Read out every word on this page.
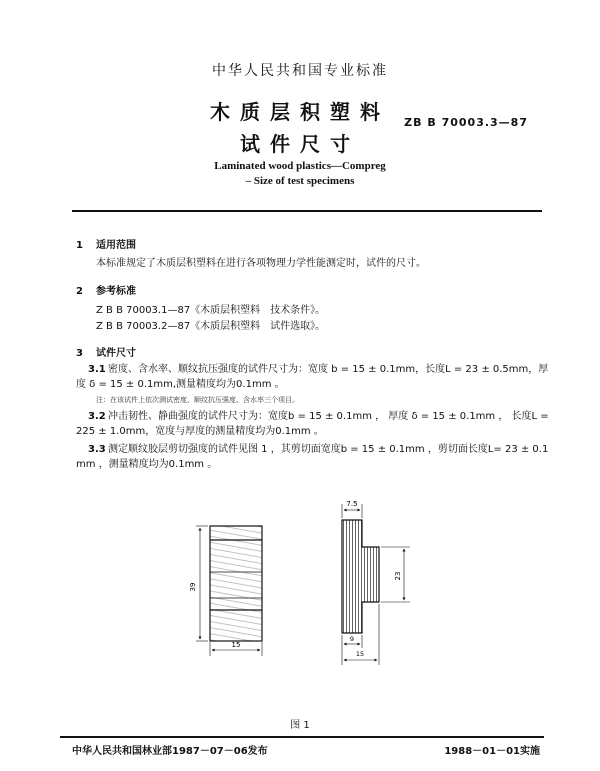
中华人民共和国专业标准
木质层积塑料
试件尺寸
ZB B 70003.3—87
Laminated wood plastics—Compreg
– Size of test specimens
1 适用范围
本标准规定了木质层积塑料在进行各项物理力学性能测定时，试件的尺寸。
2 参考标准
Z B B 70003.1—87《木质层积塑料　技术条件》。
Z B B 70003.2—87《木质层积塑料　试件选取》。
3 试件尺寸
3.1 密度、含水率、顺纹抗压强度的试件尺寸为：宽度 b = 15 ± 0.1mm，长度L = 23 ± 0.5mm，厚
度 δ = 15 ± 0.1mm,测量精度均为0.1mm 。
注：在该试件上依次测试密度、顺纹抗压强度、含水率三个项目。
3.2 冲击韧性、静曲强度的试件尺寸为：宽度b = 15 ± 0.1mm ， 厚度 δ = 15 ± 0.1mm ， 长度L =
225 ± 1.0mm，宽度与厚度的测量精度均为0.1mm 。
3.3 测定顺纹胶层剪切强度的试件见图 1 ，其剪切面宽度b = 15 ± 0.1mm ，剪切面长度L= 23 ± 0.1
mm ，测量精度均为0.1mm 。
39
15
7.5
23
9
15
图 1
中华人民共和国林业部1987－07－06发布	1988－01－01实施
